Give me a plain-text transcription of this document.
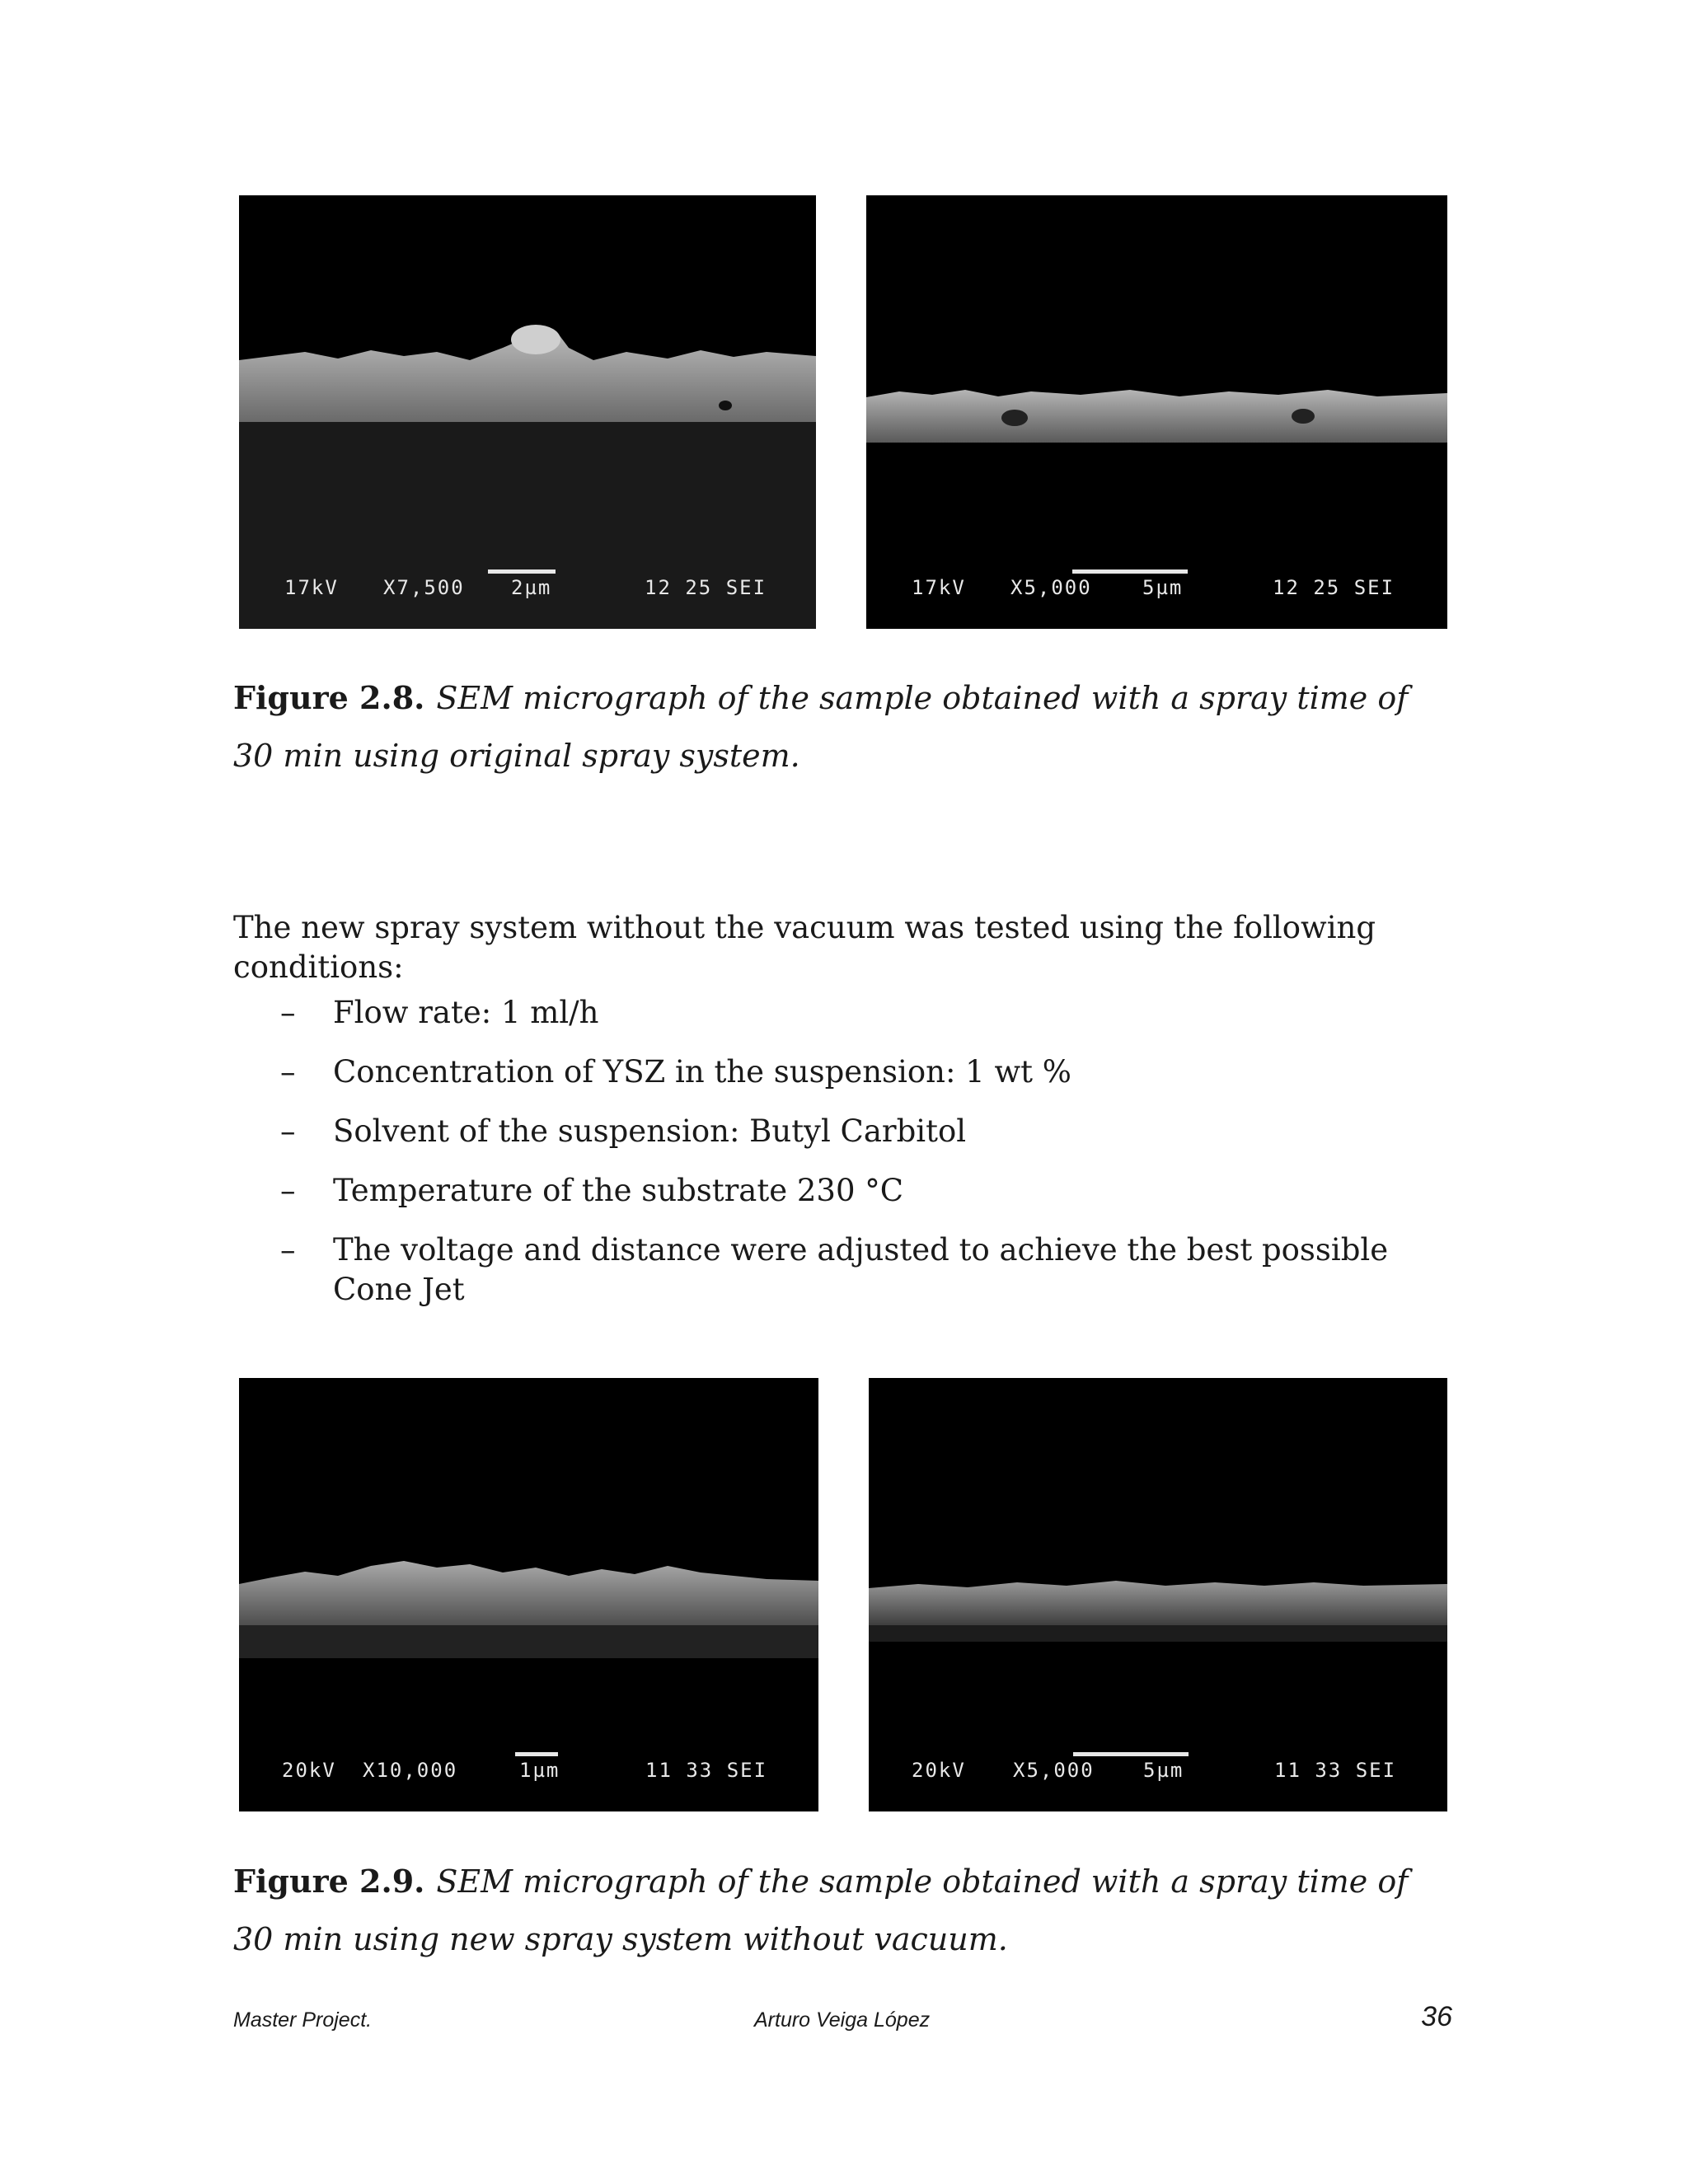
17kV X7,500 2µm	12 25 SEI	17kV X5,000	5µm	12 25 SEI
Figure 2.8. SEM micrograph of the sample obtained with a spray time of 30 min using original spray system.
The new spray system without the vacuum was tested using the following conditions:
– Flow rate: 1 ml/h
– Concentration of YSZ in the suspension: 1 wt %
– Solvent of the suspension: Butyl Carbitol
– Temperature of the substrate 230 °C
– The voltage and distance were adjusted to achieve the best possible Cone Jet
20kV X10,000	1µm	11 33 SEI	20kV X5,000 5µm	11 33 SEI
Figure 2.9. SEM micrograph of the sample obtained with a spray time of 30 min using new spray system without vacuum.
Master Project.	Arturo Veiga López	36
